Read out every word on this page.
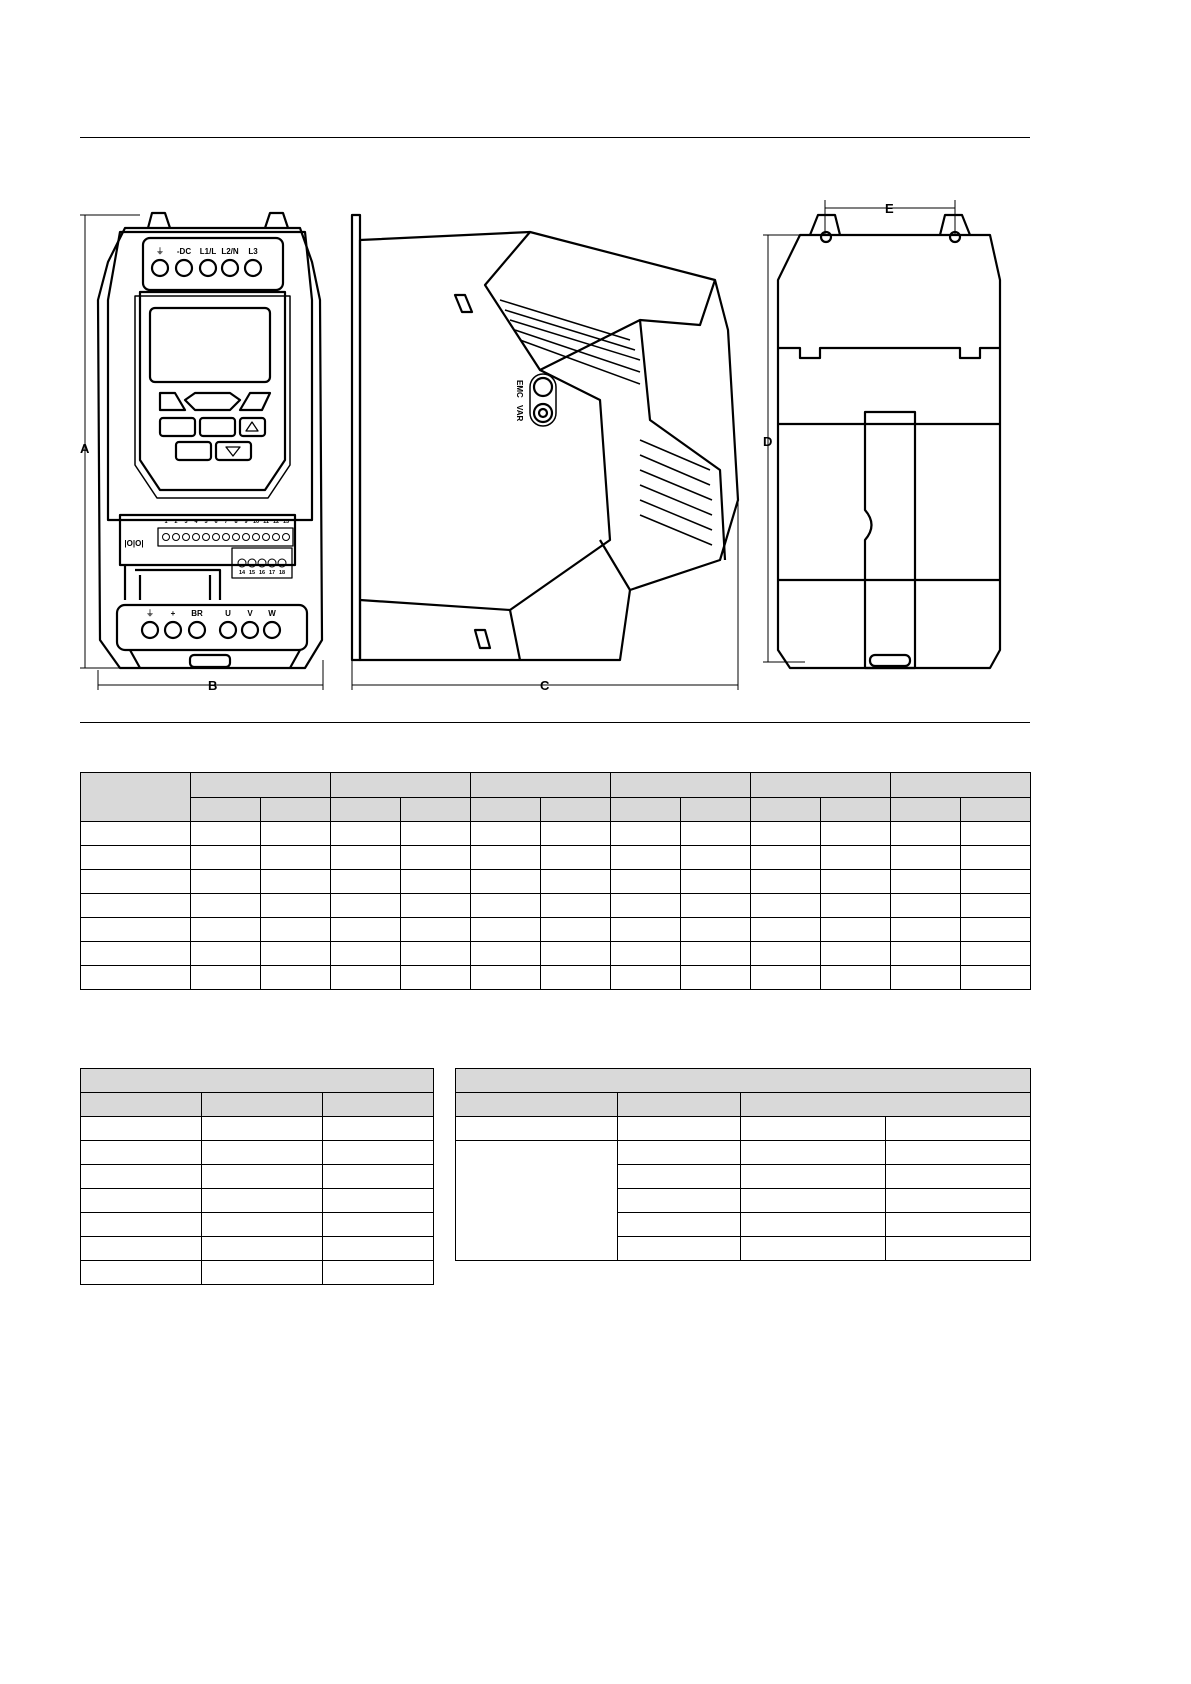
A
B	C
D
E
⏚ -DC L1/L L2/N L3
1 2 3 4 5 6 7 8 9 10 11 12 13
14 15 16 17 18
|O|O|
⏚ + BR	U V W
EMC
VAR
